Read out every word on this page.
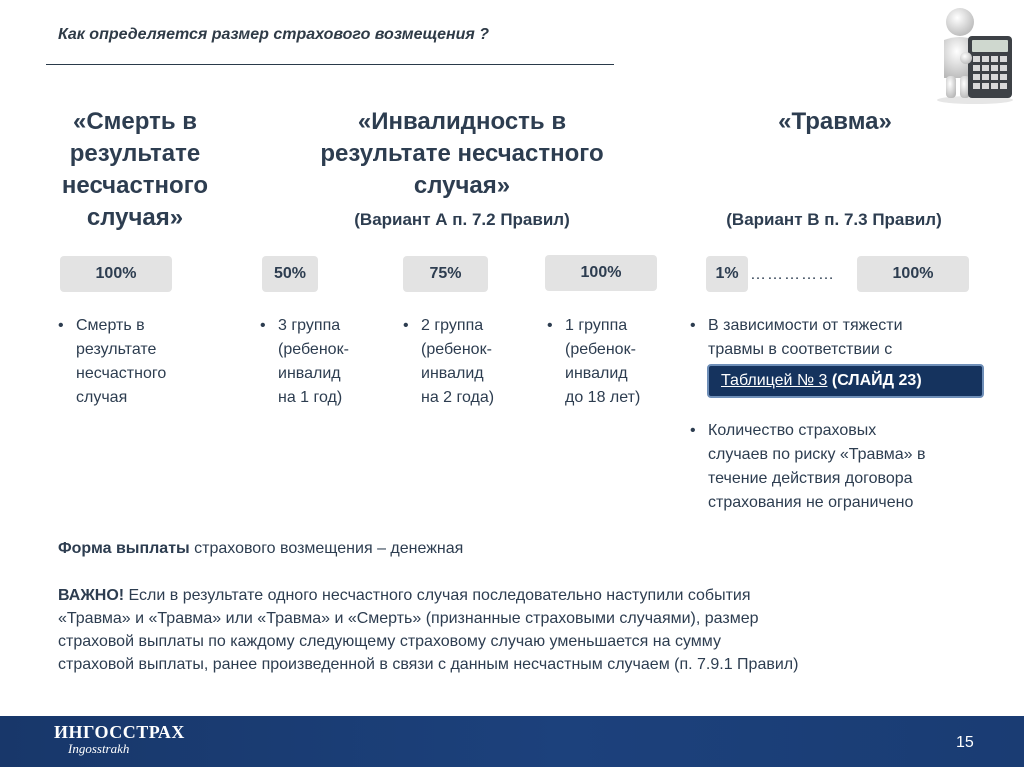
Как определяется размер страхового возмещения ?
«Смерть в
результате
несчастного
случая»
«Инвалидность в
результате несчастного
случая»
(Вариант А п. 7.2 Правил)
«Травма»
(Вариант В п. 7.3 Правил)
100%	50%	75%	100%	1% ……………	100%
• Смерть в
результате
несчастного
случая
• 3 группа
(ребенок-
инвалид
на 1 год)
• 2 группа
(ребенок-
инвалид
на 2 года)
• 1 группа
(ребенок-
инвалид
до 18 лет)
• В зависимости от тяжести
травмы в соответствии с
Таблицей № 3 (СЛАЙД 23)
• Количество страховых
случаев по риску «Травма» в
течение действия договора
страхования не ограничено
Форма выплаты страхового возмещения – денежная
ВАЖНО! Если в результате одного несчастного случая последовательно наступили события
«Травма» и «Травма» или «Травма» и «Смерть» (признанные страховыми случаями), размер
страховой выплаты по каждому следующему страховому случаю уменьшается на сумму
страховой выплаты, ранее произведенной в связи с данным несчастным случаем (п. 7.9.1 Правил)
ИНГОССТРАХ
Ingosstrakh	15
